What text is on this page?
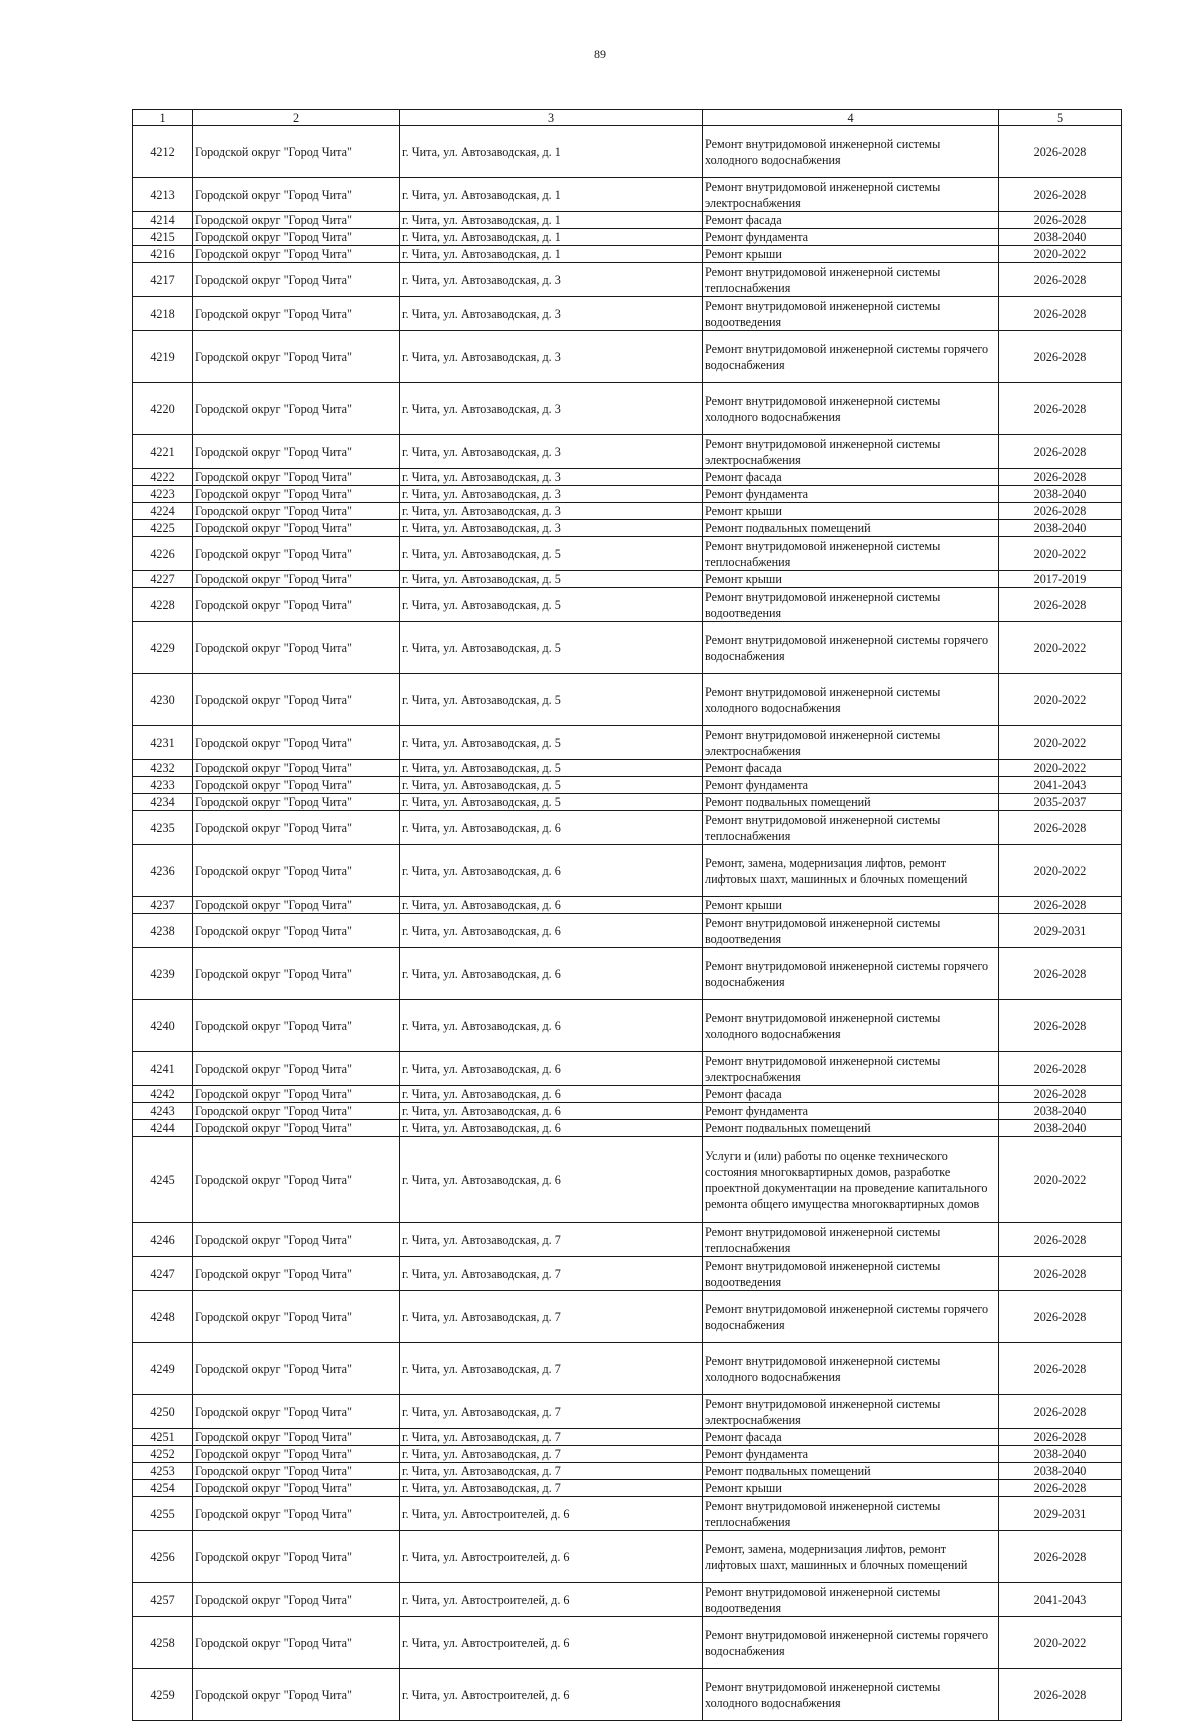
89
1	2	3	4	5
4212	Городской округ "Город Чита"	г. Чита, ул. Автозаводская, д. 1	Ремонт внутридомовой инженерной системы холодного водоснабжения	2026-2028
4213	Городской округ "Город Чита"	г. Чита, ул. Автозаводская, д. 1	Ремонт внутридомовой инженерной системы электроснабжения	2026-2028
4214	Городской округ "Город Чита"	г. Чита, ул. Автозаводская, д. 1	Ремонт фасада	2026-2028
4215	Городской округ "Город Чита"	г. Чита, ул. Автозаводская, д. 1	Ремонт фундамента	2038-2040
4216	Городской округ "Город Чита"	г. Чита, ул. Автозаводская, д. 1	Ремонт крыши	2020-2022
4217	Городской округ "Город Чита"	г. Чита, ул. Автозаводская, д. 3	Ремонт внутридомовой инженерной системы теплоснабжения	2026-2028
4218	Городской округ "Город Чита"	г. Чита, ул. Автозаводская, д. 3	Ремонт внутридомовой инженерной системы водоотведения	2026-2028
4219	Городской округ "Город Чита"	г. Чита, ул. Автозаводская, д. 3	Ремонт внутридомовой инженерной системы горячего водоснабжения	2026-2028
4220	Городской округ "Город Чита"	г. Чита, ул. Автозаводская, д. 3	Ремонт внутридомовой инженерной системы холодного водоснабжения	2026-2028
4221	Городской округ "Город Чита"	г. Чита, ул. Автозаводская, д. 3	Ремонт внутридомовой инженерной системы электроснабжения	2026-2028
4222	Городской округ "Город Чита"	г. Чита, ул. Автозаводская, д. 3	Ремонт фасада	2026-2028
4223	Городской округ "Город Чита"	г. Чита, ул. Автозаводская, д. 3	Ремонт фундамента	2038-2040
4224	Городской округ "Город Чита"	г. Чита, ул. Автозаводская, д. 3	Ремонт крыши	2026-2028
4225	Городской округ "Город Чита"	г. Чита, ул. Автозаводская, д. 3	Ремонт подвальных помещений	2038-2040
4226	Городской округ "Город Чита"	г. Чита, ул. Автозаводская, д. 5	Ремонт внутридомовой инженерной системы теплоснабжения	2020-2022
4227	Городской округ "Город Чита"	г. Чита, ул. Автозаводская, д. 5	Ремонт крыши	2017-2019
4228	Городской округ "Город Чита"	г. Чита, ул. Автозаводская, д. 5	Ремонт внутридомовой инженерной системы водоотведения	2026-2028
4229	Городской округ "Город Чита"	г. Чита, ул. Автозаводская, д. 5	Ремонт внутридомовой инженерной системы горячего водоснабжения	2020-2022
4230	Городской округ "Город Чита"	г. Чита, ул. Автозаводская, д. 5	Ремонт внутридомовой инженерной системы холодного водоснабжения	2020-2022
4231	Городской округ "Город Чита"	г. Чита, ул. Автозаводская, д. 5	Ремонт внутридомовой инженерной системы электроснабжения	2020-2022
4232	Городской округ "Город Чита"	г. Чита, ул. Автозаводская, д. 5	Ремонт фасада	2020-2022
4233	Городской округ "Город Чита"	г. Чита, ул. Автозаводская, д. 5	Ремонт фундамента	2041-2043
4234	Городской округ "Город Чита"	г. Чита, ул. Автозаводская, д. 5	Ремонт подвальных помещений	2035-2037
4235	Городской округ "Город Чита"	г. Чита, ул. Автозаводская, д. 6	Ремонт внутридомовой инженерной системы теплоснабжения	2026-2028
4236	Городской округ "Город Чита"	г. Чита, ул. Автозаводская, д. 6	Ремонт, замена, модернизация лифтов, ремонт лифтовых шахт, машинных и блочных помещений	2020-2022
4237	Городской округ "Город Чита"	г. Чита, ул. Автозаводская, д. 6	Ремонт крыши	2026-2028
4238	Городской округ "Город Чита"	г. Чита, ул. Автозаводская, д. 6	Ремонт внутридомовой инженерной системы водоотведения	2029-2031
4239	Городской округ "Город Чита"	г. Чита, ул. Автозаводская, д. 6	Ремонт внутридомовой инженерной системы горячего водоснабжения	2026-2028
4240	Городской округ "Город Чита"	г. Чита, ул. Автозаводская, д. 6	Ремонт внутридомовой инженерной системы холодного водоснабжения	2026-2028
4241	Городской округ "Город Чита"	г. Чита, ул. Автозаводская, д. 6	Ремонт внутридомовой инженерной системы электроснабжения	2026-2028
4242	Городской округ "Город Чита"	г. Чита, ул. Автозаводская, д. 6	Ремонт фасада	2026-2028
4243	Городской округ "Город Чита"	г. Чита, ул. Автозаводская, д. 6	Ремонт фундамента	2038-2040
4244	Городской округ "Город Чита"	г. Чита, ул. Автозаводская, д. 6	Ремонт подвальных помещений	2038-2040
4245	Городской округ "Город Чита"	г. Чита, ул. Автозаводская, д. 6	Услуги и (или) работы по оценке технического состояния многоквартирных домов, разработке проектной документации на проведение капитального ремонта общего имущества многоквартирных домов	2020-2022
4246	Городской округ "Город Чита"	г. Чита, ул. Автозаводская, д. 7	Ремонт внутридомовой инженерной системы теплоснабжения	2026-2028
4247	Городской округ "Город Чита"	г. Чита, ул. Автозаводская, д. 7	Ремонт внутридомовой инженерной системы водоотведения	2026-2028
4248	Городской округ "Город Чита"	г. Чита, ул. Автозаводская, д. 7	Ремонт внутридомовой инженерной системы горячего водоснабжения	2026-2028
4249	Городской округ "Город Чита"	г. Чита, ул. Автозаводская, д. 7	Ремонт внутридомовой инженерной системы холодного водоснабжения	2026-2028
4250	Городской округ "Город Чита"	г. Чита, ул. Автозаводская, д. 7	Ремонт внутридомовой инженерной системы электроснабжения	2026-2028
4251	Городской округ "Город Чита"	г. Чита, ул. Автозаводская, д. 7	Ремонт фасада	2026-2028
4252	Городской округ "Город Чита"	г. Чита, ул. Автозаводская, д. 7	Ремонт фундамента	2038-2040
4253	Городской округ "Город Чита"	г. Чита, ул. Автозаводская, д. 7	Ремонт подвальных помещений	2038-2040
4254	Городской округ "Город Чита"	г. Чита, ул. Автозаводская, д. 7	Ремонт крыши	2026-2028
4255	Городской округ "Город Чита"	г. Чита, ул. Автостроителей, д. 6	Ремонт внутридомовой инженерной системы теплоснабжения	2029-2031
4256	Городской округ "Город Чита"	г. Чита, ул. Автостроителей, д. 6	Ремонт, замена, модернизация лифтов, ремонт лифтовых шахт, машинных и блочных помещений	2026-2028
4257	Городской округ "Город Чита"	г. Чита, ул. Автостроителей, д. 6	Ремонт внутридомовой инженерной системы водоотведения	2041-2043
4258	Городской округ "Город Чита"	г. Чита, ул. Автостроителей, д. 6	Ремонт внутридомовой инженерной системы горячего водоснабжения	2020-2022
4259	Городской округ "Город Чита"	г. Чита, ул. Автостроителей, д. 6	Ремонт внутридомовой инженерной системы холодного водоснабжения	2026-2028
